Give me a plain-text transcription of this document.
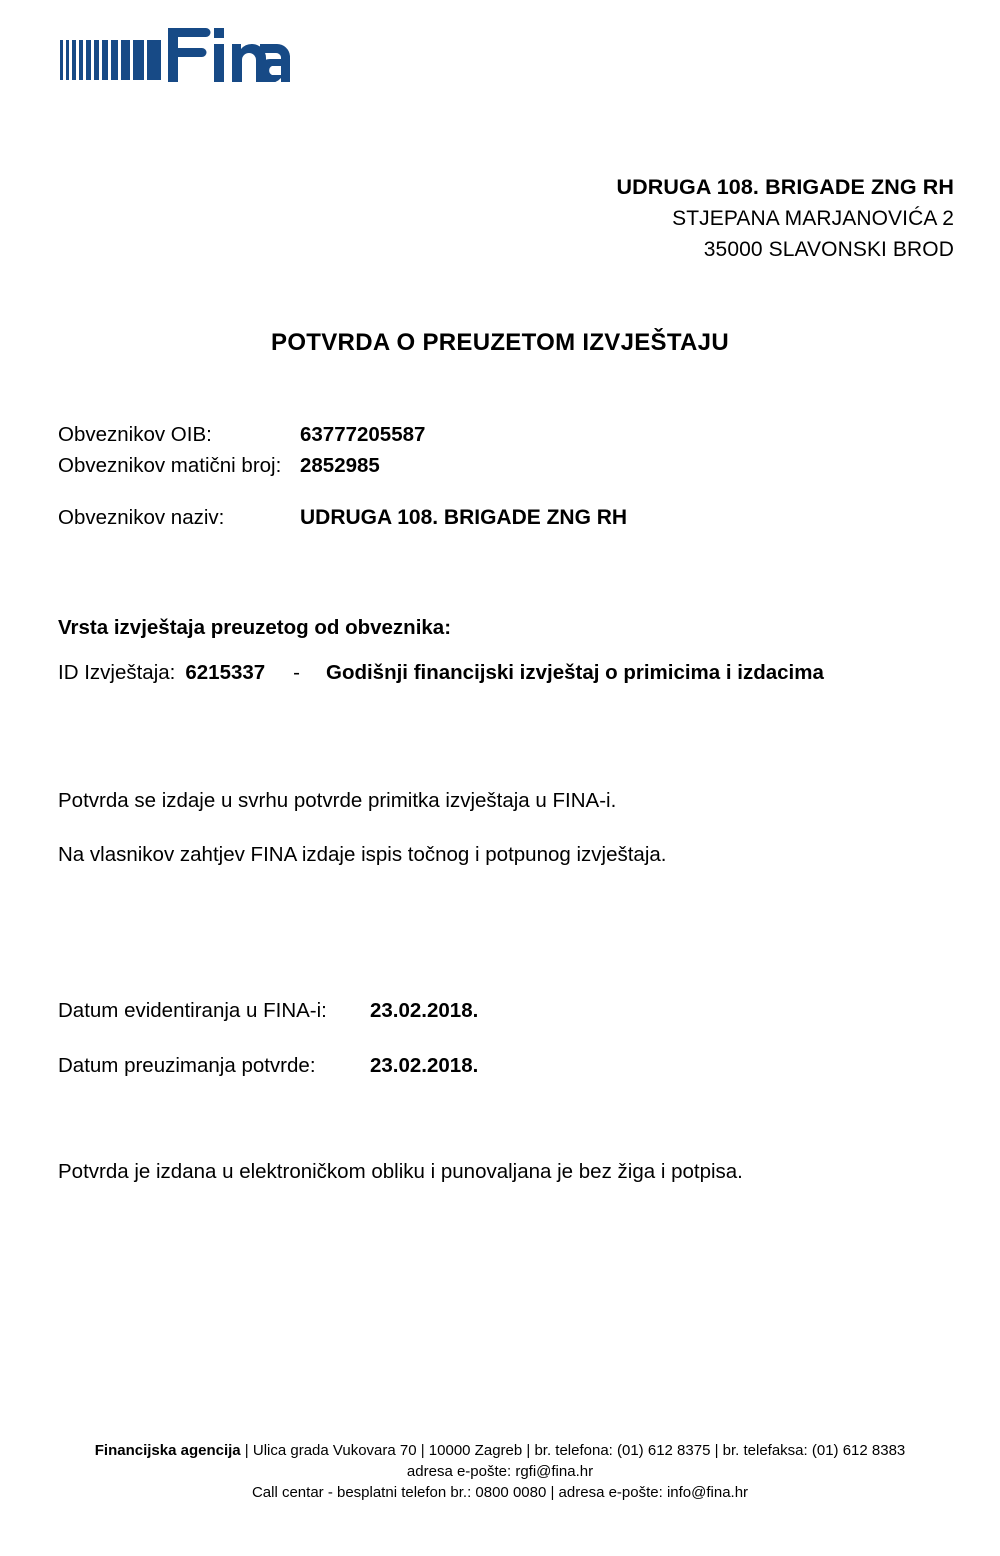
UDRUGA 108. BRIGADE ZNG RH
STJEPANA MARJANOVIĆA 2
35000 SLAVONSKI BROD
POTVRDA O PREUZETOM IZVJEŠTAJU
Obveznikov OIB:	63777205587
Obveznikov matični broj: 2852985
Obveznikov naziv:	UDRUGA 108. BRIGADE ZNG RH
Vrsta izvještaja preuzetog od obveznika:
ID Izvještaja: 6215337 - Godišnji financijski izvještaj o primicima i izdacima
Potvrda se izdaje u svrhu potvrde primitka izvještaja u FINA-i.
Na vlasnikov zahtjev FINA izdaje ispis točnog i potpunog izvještaja.
Datum evidentiranja u FINA-i:	23.02.2018.
Datum preuzimanja potvrde:	23.02.2018.
Potvrda je izdana u elektroničkom obliku i punovaljana je bez žiga i potpisa.
Financijska agencija | Ulica grada Vukovara 70 | 10000 Zagreb | br. telefona: (01) 612 8375 | br. telefaksa: (01) 612 8383
adresa e-pošte: rgfi@fina.hr
Call centar - besplatni telefon br.: 0800 0080 | adresa e-pošte: info@fina.hr
